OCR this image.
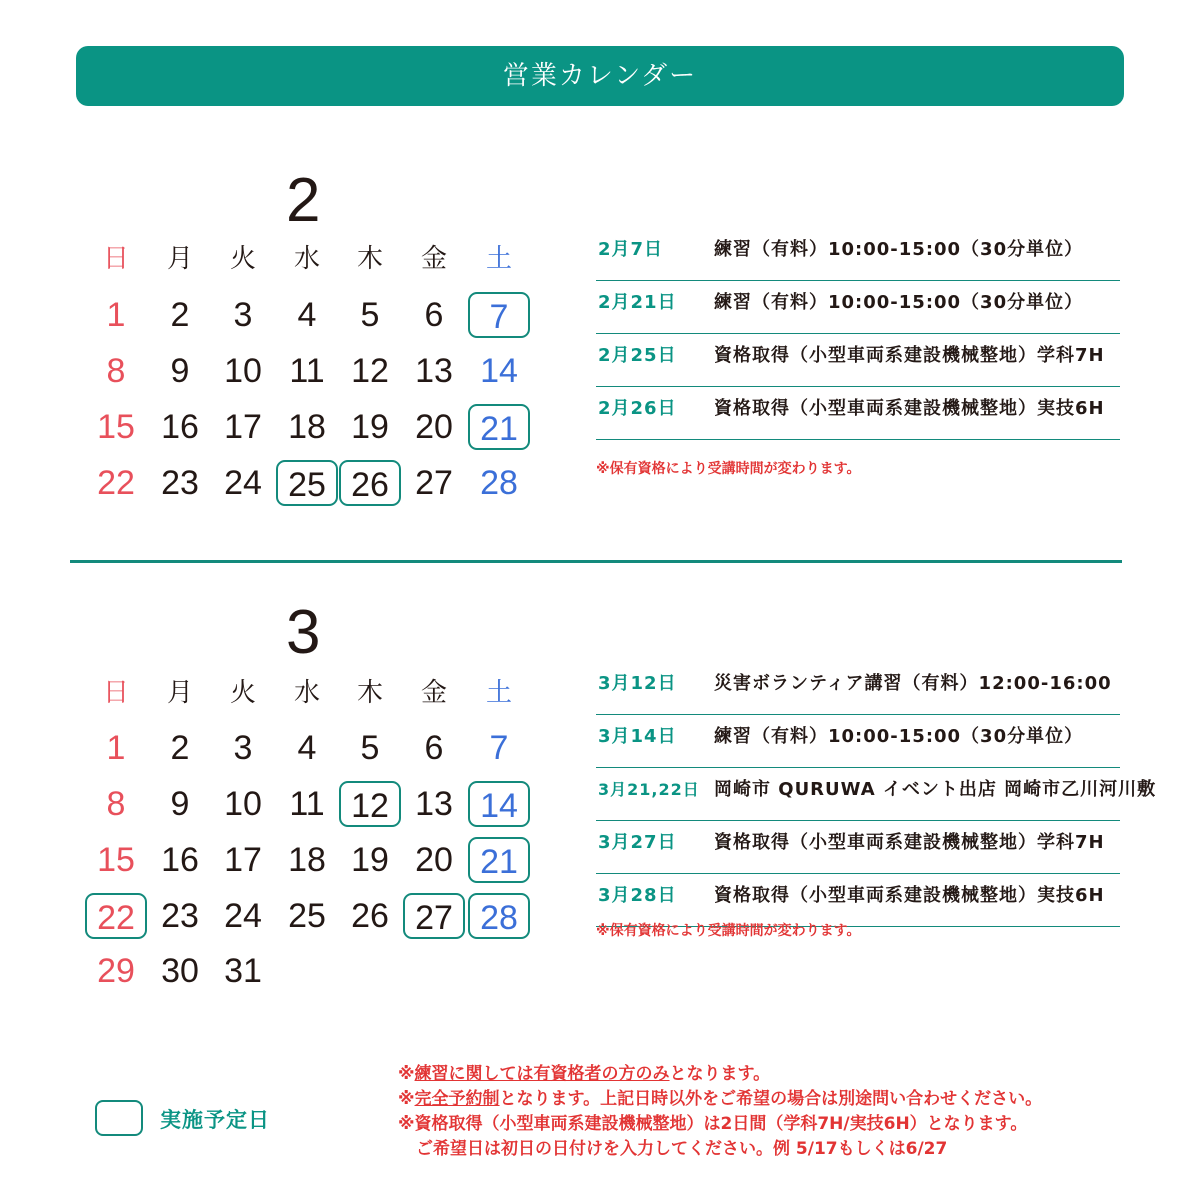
営業カレンダー
2
日	月	火	水	木	金	土
1	2	3	4	5	6	7
8	9	10 11 12 13 14
15 16 17 18 19 20 21
22 23 24 25 26 27 28
2月7日	練習（有料）10:00-15:00（30分単位）
2月21日 練習（有料）10:00-15:00（30分単位）
2月25日 資格取得（小型車両系建設機械整地）学科7H
2月26日 資格取得（小型車両系建設機械整地）実技6H
※保有資格により受講時間が変わります。
3
日	月	火	水	木	金	土
1	2	3	4	5	6	7
8	9	10 11 12 13 14
15 16 17 18 19 20 21
22 23 24 25 26 27 28
29 30 31
3月12日 災害ボランティア講習（有料）12:00-16:00
3月14日 練習（有料）10:00-15:00（30分単位）
3月21,22日 岡崎市 QURUWA イベント出店 岡崎市乙川河川敷
3月27日 資格取得（小型車両系建設機械整地）学科7H
3月28日 資格取得（小型車両系建設機械整地）実技6H
※保有資格により受講時間が変わります。
実施予定日
※練習に関しては有資格者の方のみとなります。
※完全予約制となります。上記日時以外をご希望の場合は別途問い合わせください。
※資格取得（小型車両系建設機械整地）は2日間（学科7H/実技6H）となります。
ご希望日は初日の日付けを入力してください。例 5/17もしくは6/27
